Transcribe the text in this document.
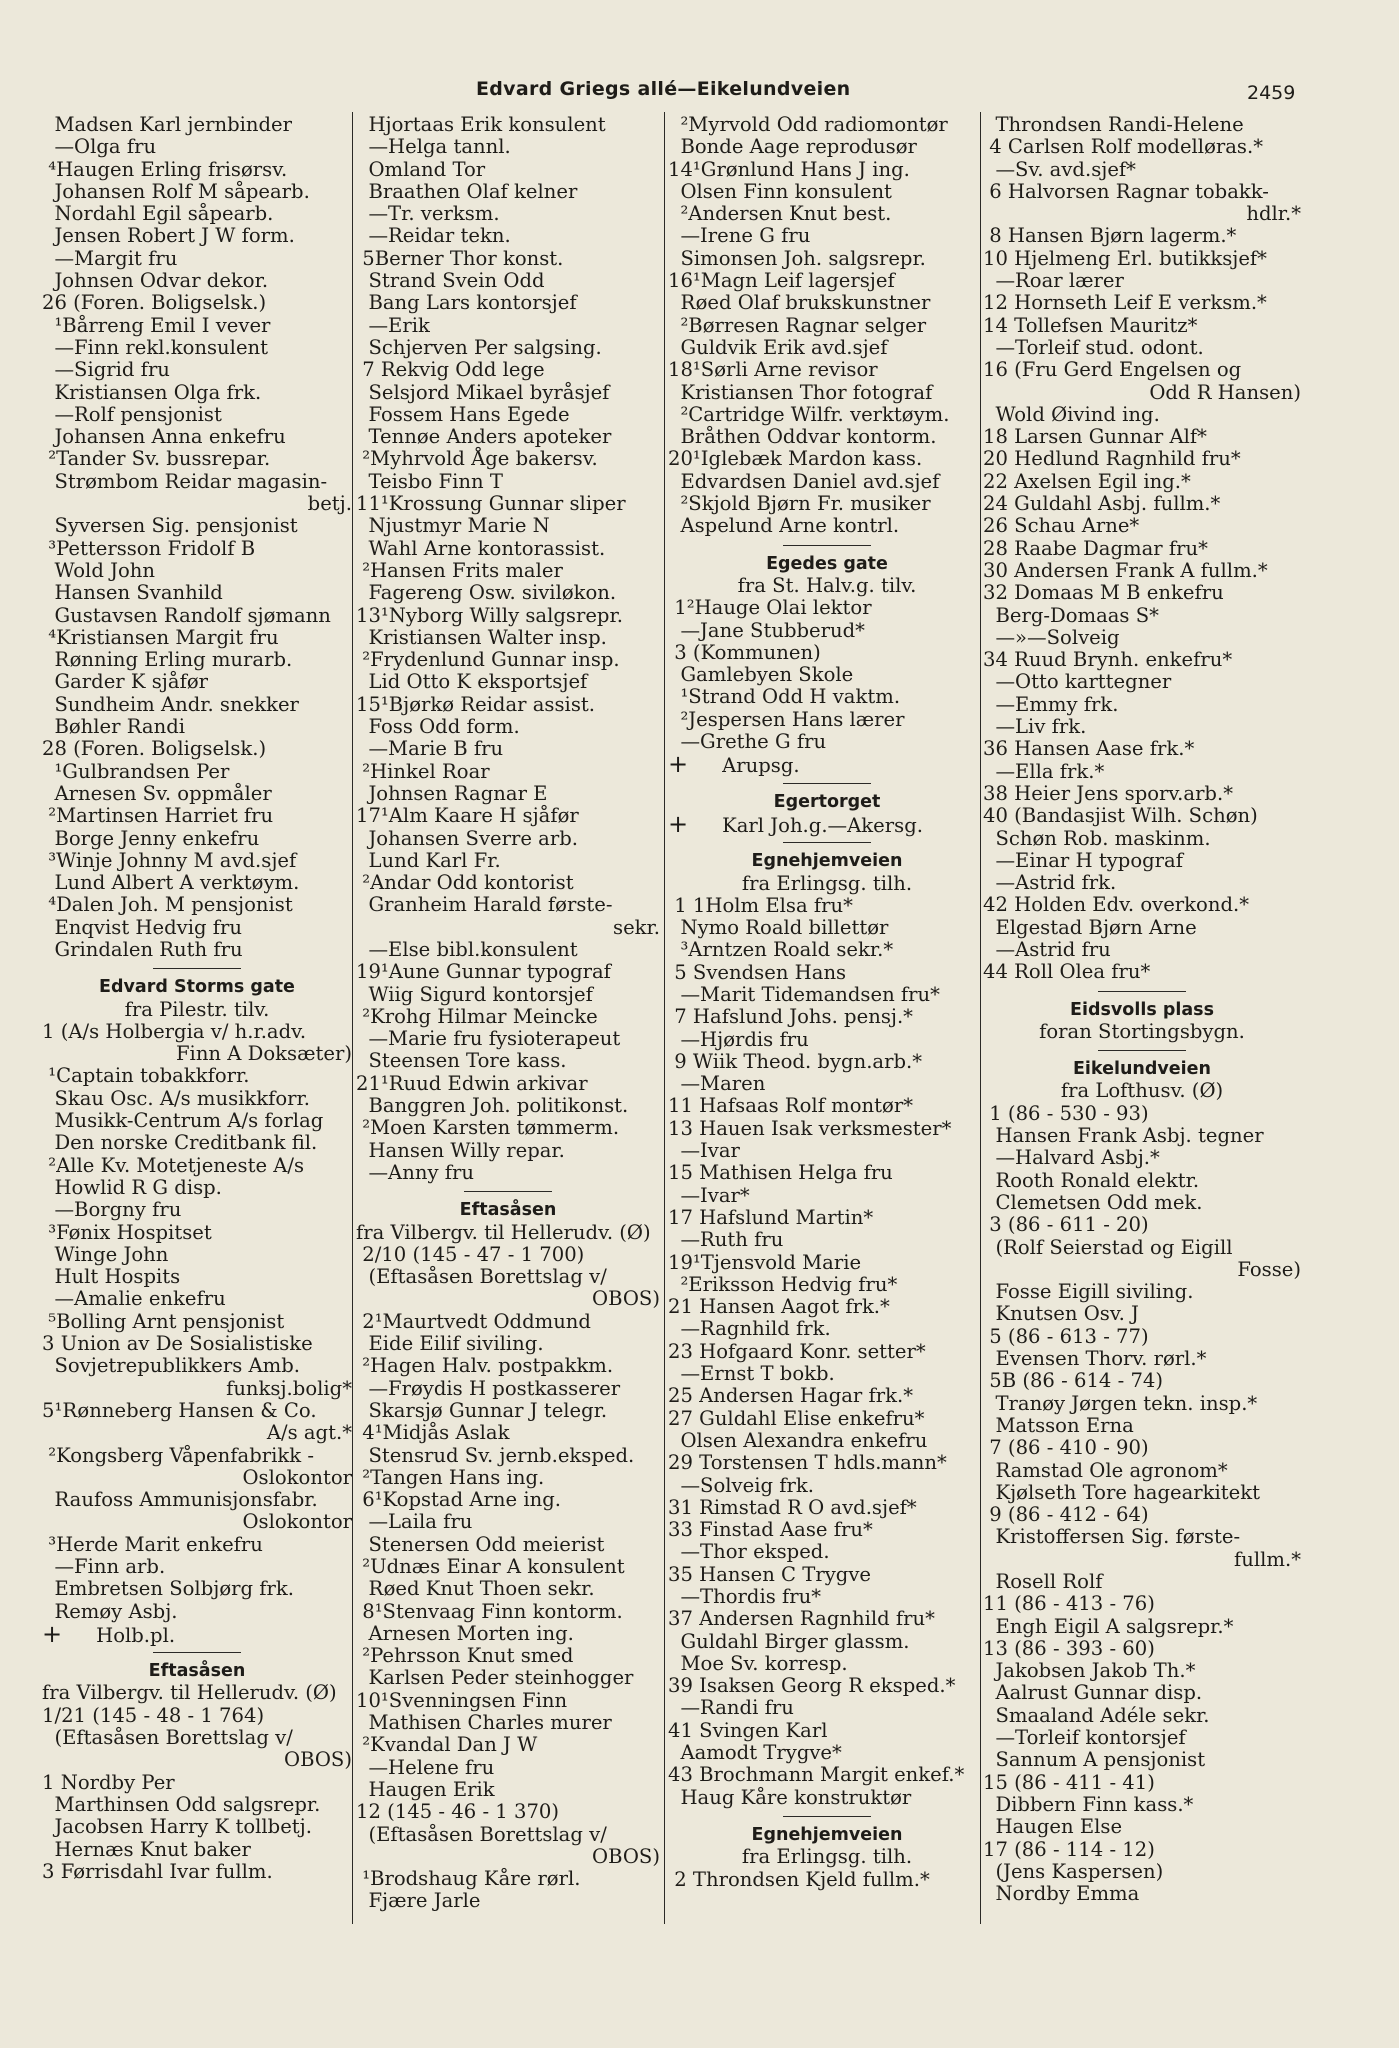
Edvard Griegs allé—Eikelundveien	2459
Madsen Karl jernbinder
—Olga fru
⁴Haugen Erling frisørsv.
Johansen Rolf M såpearb.
Nordahl Egil såpearb.
Jensen Robert J W form.
—Margit fru
Johnsen Odvar dekor.
26 (Foren. Boligselsk.)
¹Bårreng Emil I vever
—Finn rekl.konsulent
—Sigrid fru
Kristiansen Olga frk.
—Rolf pensjonist
Johansen Anna enkefru
²Tander Sv. bussrepar.
Strømbom Reidar magasin-
betj.
Syversen Sig. pensjonist
³Pettersson Fridolf B
Wold John
Hansen Svanhild
Gustavsen Randolf sjømann
⁴Kristiansen Margit fru
Rønning Erling murarb.
Garder K sjåfør
Sundheim Andr. snekker
Bøhler Randi
28 (Foren. Boligselsk.)
¹Gulbrandsen Per
Arnesen Sv. oppmåler
²Martinsen Harriet fru
Borge Jenny enkefru
³Winje Johnny M avd.sjef
Lund Albert A verktøym.
⁴Dalen Joh. M pensjonist
Enqvist Hedvig fru
Grindalen Ruth fru
Edvard Storms gate
fra Pilestr. tilv.
1 (A/s Holbergia v/ h.r.adv.
Finn A Doksæter)
¹Captain tobakkforr.
Skau Osc. A/s musikkforr.
Musikk-Centrum A/s forlag
Den norske Creditbank fil.
²Alle Kv. Motetjeneste A/s
Howlid R G disp.
—Borgny fru
³Fønix Hospitset
Winge John
Hult Hospits
—Amalie enkefru
⁵Bolling Arnt pensjonist
3 Union av De Sosialistiske
Sovjetrepublikkers Amb.
funksj.bolig*
5¹Rønneberg Hansen & Co.
A/s agt.*
²Kongsberg Våpenfabrikk -
Oslokontor
Raufoss Ammunisjonsfabr.
Oslokontor
³Herde Marit enkefru
—Finn arb.
Embretsen Solbjørg frk.
Remøy Asbj.
+ Holb.pl.
Eftasåsen
fra Vilbergv. til Hellerudv. (Ø)
1/21 (145 - 48 - 1 764)
(Eftasåsen Borettslag v/
OBOS)
1 Nordby Per
Marthinsen Odd salgsrepr.
Jacobsen Harry K tollbetj.
Hernæs Knut baker
3 Førrisdahl Ivar fullm.
Hjortaas Erik konsulent
—Helga tannl.
Omland Tor
Braathen Olaf kelner
—Tr. verksm.
—Reidar tekn.
5Berner Thor konst.
Strand Svein Odd
Bang Lars kontorsjef
—Erik
Schjerven Per salgsing.
7 Rekvig Odd lege
Selsjord Mikael byråsjef
Fossem Hans Egede
Tennøe Anders apoteker
²Myhrvold Åge bakersv.
Teisbo Finn T
11¹Krossung Gunnar sliper
Njustmyr Marie N
Wahl Arne kontorassist.
²Hansen Frits maler
Fagereng Osw. siviløkon.
13¹Nyborg Willy salgsrepr.
Kristiansen Walter insp.
²Frydenlund Gunnar insp.
Lid Otto K eksportsjef
15¹Bjørkø Reidar assist.
Foss Odd form.
—Marie B fru
²Hinkel Roar
Johnsen Ragnar E
17¹Alm Kaare H sjåfør
Johansen Sverre arb.
Lund Karl Fr.
²Andar Odd kontorist
Granheim Harald første-
sekr.
—Else bibl.konsulent
19¹Aune Gunnar typograf
Wiig Sigurd kontorsjef
²Krohg Hilmar Meincke
—Marie fru fysioterapeut
Steensen Tore kass.
21¹Ruud Edwin arkivar
Banggren Joh. politikonst.
²Moen Karsten tømmerm.
Hansen Willy repar.
—Anny fru
Eftasåsen
fra Vilbergv. til Hellerudv. (Ø)
2/10 (145 - 47 - 1 700)
(Eftasåsen Borettslag v/
OBOS)
2¹Maurtvedt Oddmund
Eide Eilif siviling.
²Hagen Halv. postpakkm.
—Frøydis H postkasserer
Skarsjø Gunnar J telegr.
4¹Midjås Aslak
Stensrud Sv. jernb.eksped.
²Tangen Hans ing.
6¹Kopstad Arne ing.
—Laila fru
Stenersen Odd meierist
²Udnæs Einar A konsulent
Røed Knut Thoen sekr.
8¹Stenvaag Finn kontorm.
Arnesen Morten ing.
²Pehrsson Knut smed
Karlsen Peder steinhogger
10¹Svenningsen Finn
Mathisen Charles murer
²Kvandal Dan J W
—Helene fru
Haugen Erik
12 (145 - 46 - 1 370)
(Eftasåsen Borettslag v/
OBOS)
¹Brodshaug Kåre rørl.
Fjære Jarle
²Myrvold Odd radiomontør
Bonde Aage reprodusør
14¹Grønlund Hans J ing.
Olsen Finn konsulent
²Andersen Knut best.
—Irene G fru
Simonsen Joh. salgsrepr.
16¹Magn Leif lagersjef
Røed Olaf brukskunstner
²Børresen Ragnar selger
Guldvik Erik avd.sjef
18¹Sørli Arne revisor
Kristiansen Thor fotograf
²Cartridge Wilfr. verktøym.
Bråthen Oddvar kontorm.
20¹Iglebæk Mardon kass.
Edvardsen Daniel avd.sjef
²Skjold Bjørn Fr. musiker
Aspelund Arne kontrl.
Egedes gate
fra St. Halv.g. tilv.
1²Hauge Olai lektor
—Jane Stubberud*
3 (Kommunen)
Gamlebyen Skole
¹Strand Odd H vaktm.
²Jespersen Hans lærer
—Grethe G fru
+ Arupsg.
Egertorget
+ Karl Joh.g.—Akersg.
Egnehjemveien
fra Erlingsg. tilh.
1 1Holm Elsa fru*
Nymo Roald billettør
³Arntzen Roald sekr.*
5 Svendsen Hans
—Marit Tidemandsen fru*
7 Hafslund Johs. pensj.*
—Hjørdis fru
9 Wiik Theod. bygn.arb.*
—Maren
11 Hafsaas Rolf montør*
13 Hauen Isak verksmester*
—Ivar
15 Mathisen Helga fru
—Ivar*
17 Hafslund Martin*
—Ruth fru
19¹Tjensvold Marie
²Eriksson Hedvig fru*
21 Hansen Aagot frk.*
—Ragnhild frk.
23 Hofgaard Konr. setter*
—Ernst T bokb.
25 Andersen Hagar frk.*
27 Guldahl Elise enkefru*
Olsen Alexandra enkefru
29 Torstensen T hdls.mann*
—Solveig frk.
31 Rimstad R O avd.sjef*
33 Finstad Aase fru*
—Thor eksped.
35 Hansen C Trygve
—Thordis fru*
37 Andersen Ragnhild fru*
Guldahl Birger glassm.
Moe Sv. korresp.
39 Isaksen Georg R eksped.*
—Randi fru
41 Svingen Karl
Aamodt Trygve*
43 Brochmann Margit enkef.*
Haug Kåre konstruktør
Egnehjemveien
fra Erlingsg. tilh.
2 Throndsen Kjeld fullm.*
Throndsen Randi-Helene
4 Carlsen Rolf modelløras.*
—Sv. avd.sjef*
6 Halvorsen Ragnar tobakk-
hdlr.*
8 Hansen Bjørn lagerm.*
10 Hjelmeng Erl. butikksjef*
—Roar lærer
12 Hornseth Leif E verksm.*
14 Tollefsen Mauritz*
—Torleif stud. odont.
16 (Fru Gerd Engelsen og
Odd R Hansen)
Wold Øivind ing.
18 Larsen Gunnar Alf*
20 Hedlund Ragnhild fru*
22 Axelsen Egil ing.*
24 Guldahl Asbj. fullm.*
26 Schau Arne*
28 Raabe Dagmar fru*
30 Andersen Frank A fullm.*
32 Domaas M B enkefru
Berg-Domaas S*
—»—Solveig
34 Ruud Brynh. enkefru*
—Otto karttegner
—Emmy frk.
—Liv frk.
36 Hansen Aase frk.*
—Ella frk.*
38 Heier Jens sporv.arb.*
40 (Bandasjist Wilh. Schøn)
Schøn Rob. maskinm.
—Einar H typograf
—Astrid frk.
42 Holden Edv. overkond.*
Elgestad Bjørn Arne
—Astrid fru
44 Roll Olea fru*
Eidsvolls plass
foran Stortingsbygn.
Eikelundveien
fra Lofthusv. (Ø)
1 (86 - 530 - 93)
Hansen Frank Asbj. tegner
—Halvard Asbj.*
Rooth Ronald elektr.
Clemetsen Odd mek.
3 (86 - 611 - 20)
(Rolf Seierstad og Eigill
Fosse)
Fosse Eigill siviling.
Knutsen Osv. J
5 (86 - 613 - 77)
Evensen Thorv. rørl.*
5B (86 - 614 - 74)
Tranøy Jørgen tekn. insp.*
Matsson Erna
7 (86 - 410 - 90)
Ramstad Ole agronom*
Kjølseth Tore hagearkitekt
9 (86 - 412 - 64)
Kristoffersen Sig. første-
fullm.*
Rosell Rolf
11 (86 - 413 - 76)
Engh Eigil A salgsrepr.*
13 (86 - 393 - 60)
Jakobsen Jakob Th.*
Aalrust Gunnar disp.
Smaaland Adéle sekr.
—Torleif kontorsjef
Sannum A pensjonist
15 (86 - 411 - 41)
Dibbern Finn kass.*
Haugen Else
17 (86 - 114 - 12)
(Jens Kaspersen)
Nordby Emma
